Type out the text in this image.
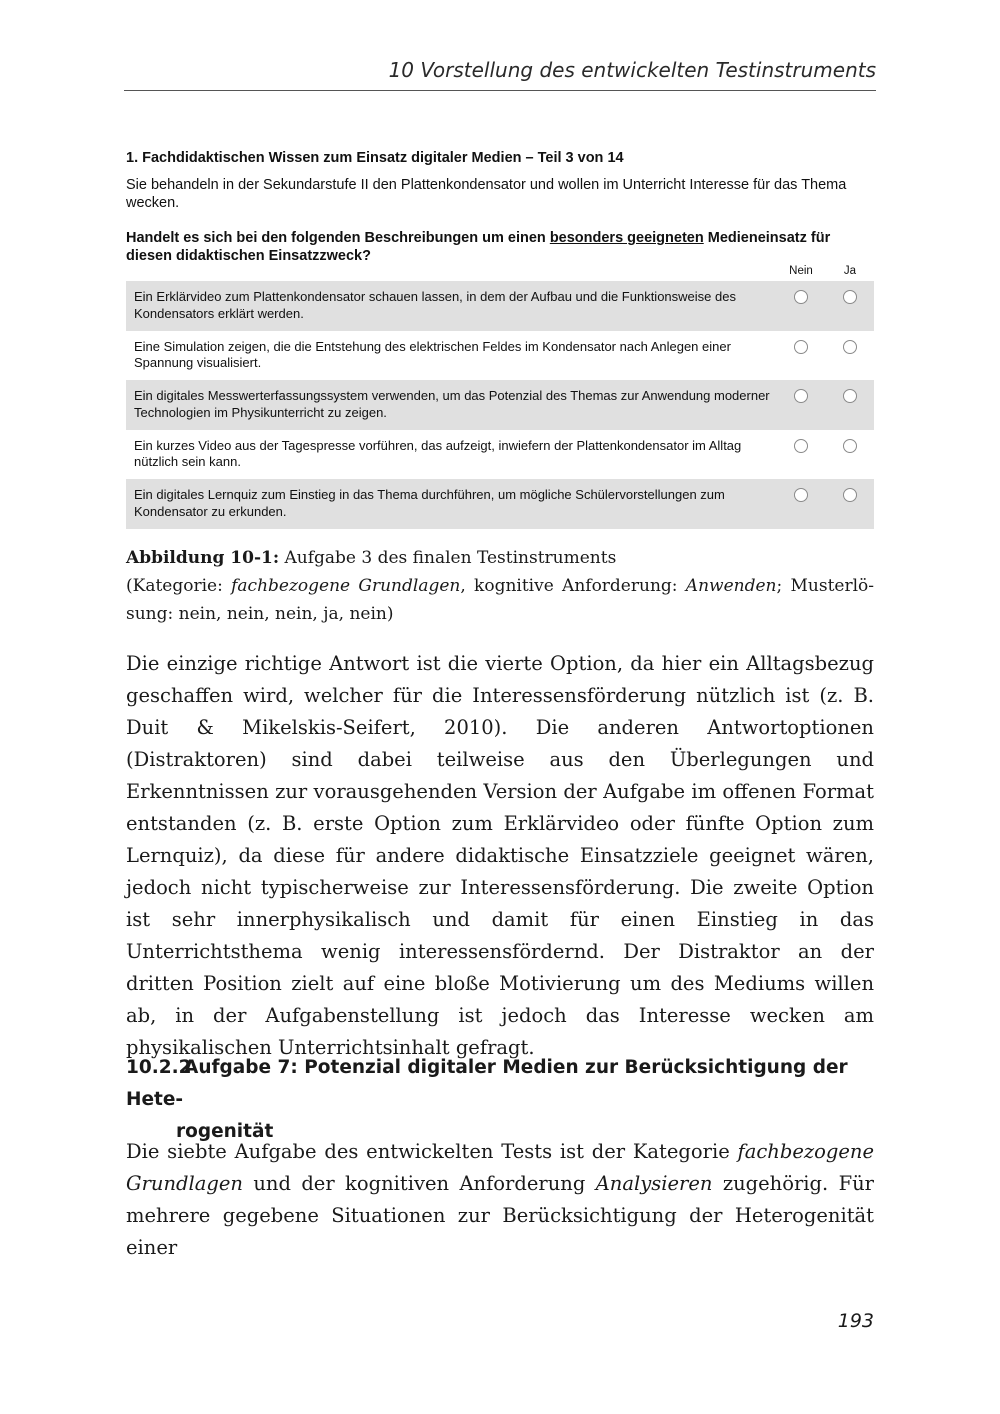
10 Vorstellung des entwickelten Testinstruments

1. Fachdidaktischen Wissen zum Einsatz digitaler Medien – Teil 3 von 14

Sie behandeln in der Sekundarstufe II den Plattenkondensator und wollen im Unterricht Interesse für das Thema wecken.

Handelt es sich bei den folgenden Beschreibungen um einen besonders geeigneten Medieneinsatz für diesen didaktischen Einsatzzweck?

Nein	Ja
Ein Erklärvideo zum Plattenkondensator schauen lassen, in dem der Aufbau und die Funktionsweise des Kondensators erklärt werden.
Eine Simulation zeigen, die die Entstehung des elektrischen Feldes im Kondensator nach Anlegen einer Spannung visualisiert.
Ein digitales Messwerterfassungssystem verwenden, um das Potenzial des Themas zur Anwendung moderner Technologien im Physikunterricht zu zeigen.
Ein kurzes Video aus der Tagespresse vorführen, das aufzeigt, inwiefern der Plattenkondensator im Alltag nützlich sein kann.
Ein digitales Lernquiz zum Einstieg in das Thema durchführen, um mögliche Schülervorstellungen zum Kondensator zu erkunden.
Abbildung 10-1: Aufgabe 3 des finalen Testinstruments
(Kategorie: fachbezogene Grundlagen, kognitive Anforderung: Anwenden; Musterlö-
sung: nein, nein, nein, ja, nein)

Die einzige richtige Antwort ist die vierte Option, da hier ein Alltagsbezug geschaffen wird, welcher für die Interessensförderung nützlich ist (z. B. Duit & Mikelskis-Seifert, 2010). Die anderen Antwortoptionen (Distraktoren) sind dabei teilweise aus den Überlegungen und Erkenntnissen zur vorausgehenden Version der Aufgabe im offenen Format entstanden (z. B. erste Option zum Erklärvideo oder fünfte Option zum Lernquiz), da diese für andere didaktische Einsatzziele geeignet wären, jedoch nicht typischerweise zur Interessensförderung. Die zweite Option ist sehr innerphysikalisch und damit für einen Einstieg in das Unterrichtsthema wenig interessensfördernd. Der Distraktor an der dritten Position zielt auf eine bloße Motivierung um des Mediums willen ab, in der Aufgabenstellung ist jedoch das Interesse wecken am physikalischen Unterrichtsinhalt gefragt.

10.2.2Aufgabe 7: Potenzial digitaler Medien zur Berücksichtigung der Hete-
rogenität

Die siebte Aufgabe des entwickelten Tests ist der Kategorie fachbezogene Grundlagen und der kognitiven Anforderung Analysieren zugehörig. Für mehrere gegebene Situationen zur Berücksichtigung der Heterogenität einer

193
